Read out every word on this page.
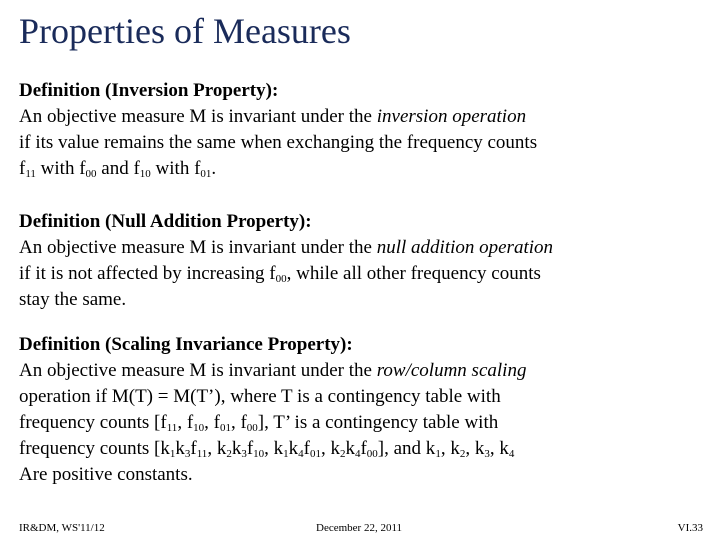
Properties of Measures
Definition (Inversion Property):
An objective measure M is invariant under the inversion operation
if its value remains the same when exchanging the frequency counts
$f_{11}$ with $f_{00}$ and $f_{10}$ with $f_{01}$.
Definition (Null Addition Property):
An objective measure M is invariant under the null addition operation
if it is not affected by increasing $f_{00}$, while all other frequency counts
stay the same.
Definition (Scaling Invariance Property):
An objective measure M is invariant under the row/column scaling
operation if M(T) = M(T’), where T is a contingency table with
frequency counts [$f_{11}$, $f_{10}$, $f_{01}$, $f_{00}$], T’ is a contingency table with
frequency counts [$k_1k_3f_{11}$, $k_2k_3f_{10}$, $k_1k_4f_{01}$, $k_2k_4f_{00}$], and $k_1$, $k_2$, $k_3$, $k_4$
Are positive constants.
IR&DM, WS'11/12	December 22, 2011	VI.33
